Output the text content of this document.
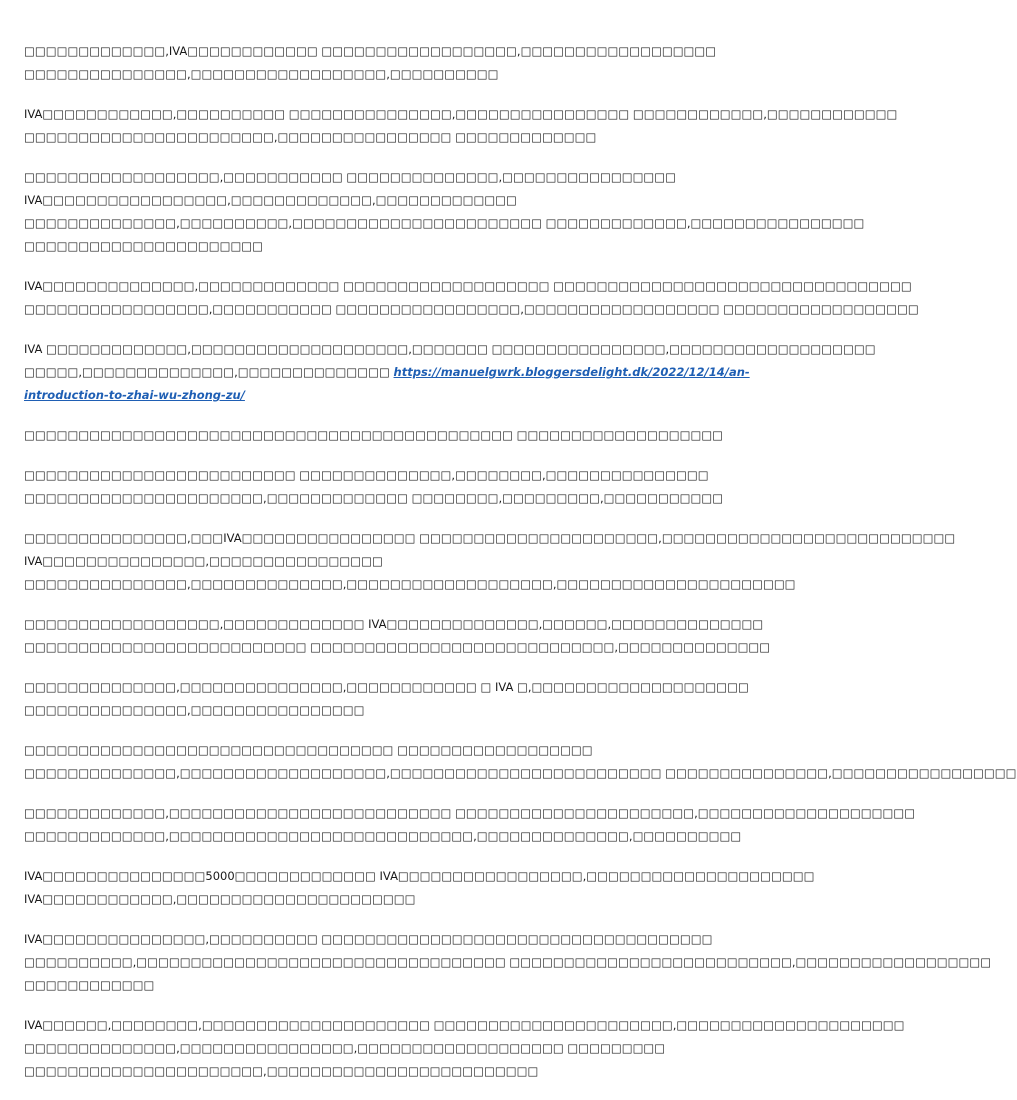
□□□□□□□□□□□□□,IVA□□□□□□□□□□□□ □□□□□□□□□□□□□□□□□□,□□□□□□□□□□□□□□□□□□
□□□□□□□□□□□□□□□,□□□□□□□□□□□□□□□□□□,□□□□□□□□□□

IVA□□□□□□□□□□□□,□□□□□□□□□□ □□□□□□□□□□□□□□□,□□□□□□□□□□□□□□□□ □□□□□□□□□□□□,□□□□□□□□□□□□
□□□□□□□□□□□□□□□□□□□□□□□,□□□□□□□□□□□□□□□□ □□□□□□□□□□□□□

□□□□□□□□□□□□□□□□□□,□□□□□□□□□□□ □□□□□□□□□□□□□□,□□□□□□□□□□□□□□□□
IVA□□□□□□□□□□□□□□□□□,□□□□□□□□□□□□□,□□□□□□□□□□□□□
□□□□□□□□□□□□□□,□□□□□□□□□□,□□□□□□□□□□□□□□□□□□□□□□□ □□□□□□□□□□□□□,□□□□□□□□□□□□□□□□
□□□□□□□□□□□□□□□□□□□□□□

IVA□□□□□□□□□□□□□□,□□□□□□□□□□□□□ □□□□□□□□□□□□□□□□□□□ □□□□□□□□□□□□□□□□□□□□□□□□□□□□□□□□□
□□□□□□□□□□□□□□□□□,□□□□□□□□□□□ □□□□□□□□□□□□□□□□□,□□□□□□□□□□□□□□□□□□ □□□□□□□□□□□□□□□□□□

IVA □□□□□□□□□□□□□,□□□□□□□□□□□□□□□□□□□□,□□□□□□□ □□□□□□□□□□□□□□□□,□□□□□□□□□□□□□□□□□□□
□□□□□,□□□□□□□□□□□□□□,□□□□□□□□□□□□□□ https://manuelgwrk.bloggersdelight.dk/2022/12/14/an-
introduction-to-zhai-wu-zhong-zu/

□□□□□□□□□□□□□□□□□□□□□□□□□□□□□□□□□□□□□□□□□□□□□ □□□□□□□□□□□□□□□□□□□

□□□□□□□□□□□□□□□□□□□□□□□□□ □□□□□□□□□□□□□□,□□□□□□□□,□□□□□□□□□□□□□□□
□□□□□□□□□□□□□□□□□□□□□□,□□□□□□□□□□□□□ □□□□□□□□,□□□□□□□□□,□□□□□□□□□□□

□□□□□□□□□□□□□□□,□□□IVA□□□□□□□□□□□□□□□□ □□□□□□□□□□□□□□□□□□□□□□,□□□□□□□□□□□□□□□□□□□□□□□□□□□
IVA□□□□□□□□□□□□□□□,□□□□□□□□□□□□□□□□
□□□□□□□□□□□□□□□,□□□□□□□□□□□□□□,□□□□□□□□□□□□□□□□□□□,□□□□□□□□□□□□□□□□□□□□□□

□□□□□□□□□□□□□□□□□□,□□□□□□□□□□□□□ IVA□□□□□□□□□□□□□□,□□□□□□,□□□□□□□□□□□□□□
□□□□□□□□□□□□□□□□□□□□□□□□□□ □□□□□□□□□□□□□□□□□□□□□□□□□□□□,□□□□□□□□□□□□□□

□□□□□□□□□□□□□□,□□□□□□□□□□□□□□□,□□□□□□□□□□□□ □ IVA □,□□□□□□□□□□□□□□□□□□□□
□□□□□□□□□□□□□□□,□□□□□□□□□□□□□□□□

□□□□□□□□□□□□□□□□□□□□□□□□□□□□□□□□□□ □□□□□□□□□□□□□□□□□□
□□□□□□□□□□□□□□,□□□□□□□□□□□□□□□□□□□,□□□□□□□□□□□□□□□□□□□□□□□□□ □□□□□□□□□□□□□□□,□□□□□□□□□□□□□□□□□

□□□□□□□□□□□□□,□□□□□□□□□□□□□□□□□□□□□□□□□□ □□□□□□□□□□□□□□□□□□□□□□,□□□□□□□□□□□□□□□□□□□□
□□□□□□□□□□□□□,□□□□□□□□□□□□□□□□□□□□□□□□□□□□,□□□□□□□□□□□□□□,□□□□□□□□□□

IVA□□□□□□□□□□□□□□□5000□□□□□□□□□□□□□ IVA□□□□□□□□□□□□□□□□□,□□□□□□□□□□□□□□□□□□□□□
IVA□□□□□□□□□□□□,□□□□□□□□□□□□□□□□□□□□□□

IVA□□□□□□□□□□□□□□□,□□□□□□□□□□ □□□□□□□□□□□□□□□□□□□□□□□□□□□□□□□□□□□□
□□□□□□□□□□,□□□□□□□□□□□□□□□□□□□□□□□□□□□□□□□□□□ □□□□□□□□□□□□□□□□□□□□□□□□□□,□□□□□□□□□□□□□□□□□□
□□□□□□□□□□□□

IVA□□□□□□,□□□□□□□□,□□□□□□□□□□□□□□□□□□□□□ □□□□□□□□□□□□□□□□□□□□□□,□□□□□□□□□□□□□□□□□□□□□
□□□□□□□□□□□□□□,□□□□□□□□□□□□□□□□,□□□□□□□□□□□□□□□□□□□ □□□□□□□□□
□□□□□□□□□□□□□□□□□□□□□□,□□□□□□□□□□□□□□□□□□□□□□□□□
